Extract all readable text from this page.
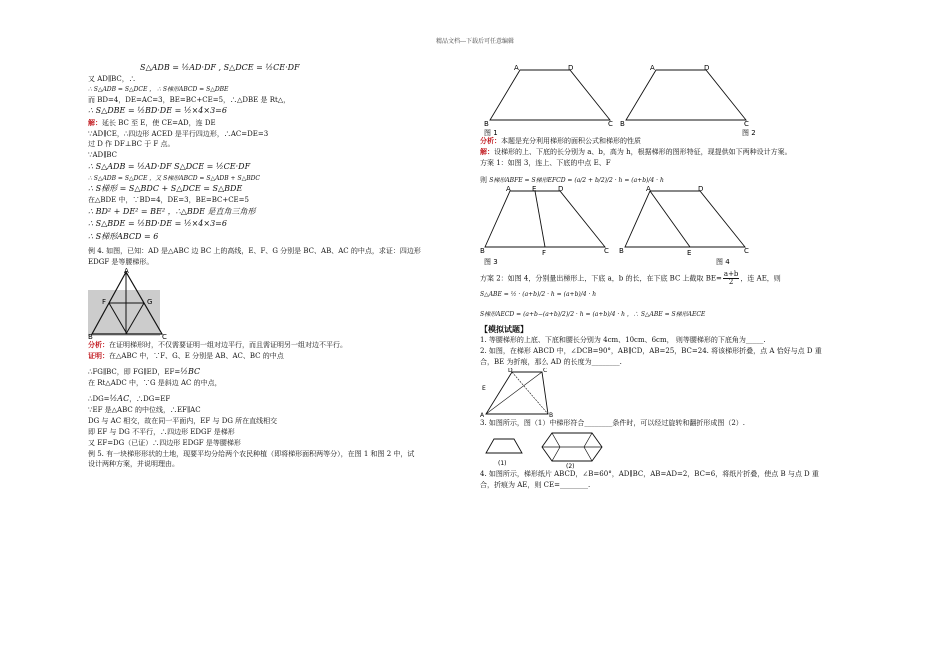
精品文档---下载后可任意编辑
S△ADB = ½AD·DF , S△DCE = ½CE·DF
又 AD∥BC，∴
∴ S△ADB = S△DCE ， ∴ S梯形ABCD = S△DBE
而 BD=4，DE=AC=3，BE=BC+CE=5，∴△DBE 是 Rt△，
∴ S△DBE = ½BD·DE = ½×4×3=6
解：延长 BC 至 E，使 CE=AD，连 DE
∵AD∥CE，∴四边形 ACED 是平行四边形，∴AC=DE=3
过 D 作 DF⊥BC 于 F 点。
∵AD∥BC
∴ S△ADB = ½AD·DF S△DCE = ½CE·DF
∴ S△ADB = S△DCE ，又 S梯形ABCD = S△ADB + S△BDC
∴ S梯形 = S△BDC + S△DCE = S△BDE
在△BDE 中，∵BD=4，DE=3，BE=BC+CE=5
∴ BD² + DE² = BE² ，∴△BDE 是直角三角形
∴ S△BDE = ½BD·DE = ½×4×3=6
∴ S梯形ABCD = 6
例 4. 如图，已知：AD 是△ABC 边 BC 上的高线，E、F、G 分别是 BC、AB、AC 的中点，求证：四边形
EDGF 是等腰梯形。
A
F	G
B	C
分析：在证明梯形时，不仅需要证明一组对边平行，而且需证明另一组对边不平行。
证明：在△ABC 中，∵F、G、E 分别是 AB、AC、BC 的中点
∴FG∥BC，即 FG∥ED，EF=½BC
在 Rt△ADC 中，∵G 是斜边 AC 的中点，
∴DG=½AC，∴DG=EF
∵EF 是△ABC 的中位线，∴EF∥AC
DG 与 AC 相交，故在同一平面内，EF 与 DG 所在直线相交
即 EF 与 DG 不平行，∴四边形 EDGF 是梯形
又 EF=DG（已证）∴四边形 EDGF 是等腰梯形
例 5. 有一块梯形形状的土地，现要平均分给两个农民种植（即将梯形面积两等分），在图 1 和图 2 中，试
设计两种方案，并说明理由。
A	D
B	C
A	D
B	C
图 1	图 2
分析：本题是充分利用梯形的面积公式和梯形的性质
解：设梯形的上、下底的长分别为 a、b，高为 h，根据梯形的图形特征，现提供如下两种设计方案。
方案 1：如图 3，连上、下底的中点 E、F
则 S梯形ABFE = S梯形EFCD = (a/2 + b/2)/2 · h = (a+b)/4 · h
A	E	D
B	F	C
A	D
B	E	C
图 3	图 4
方案 2：如图 4，分别量出梯形上，下底 a，b 的长，在下底 BC 上截取 $BE= \frac{a+b}{2}$ ，连 AE，则
S△ABE = ½ · (a+b)/2 · h = (a+b)/4 · h
S梯形AECD = (a+b−(a+b)/2)/2 · h = (a+b)/4 · h ，∴ S△ABE = S梯形AECE
【模拟试题】
1. 等腰梯形的上底、下底和腰长分别为 4cm、10cm、6cm， 则等腰梯形的下底角为_____.
2. 如图，在梯形 ABCD 中，∠DCB=90°，AB∥CD，AB=25，BC=24. 将该梯形折叠，点 A 恰好与点 D 重
合，BE 为折痕，那么 AD 的长度为________.
D	C
A	B
E
3. 如图所示，图（1）中梯形符合________条件时，可以经过旋转和翻折形成图（2）.
(1)	(2)
4. 如图所示，梯形纸片 ABCD，∠B=60°，AD∥BC，AB=AD=2，BC=6，将纸片折叠，使点 B 与点 D 重
合，折痕为 AE，则 CE=________.
